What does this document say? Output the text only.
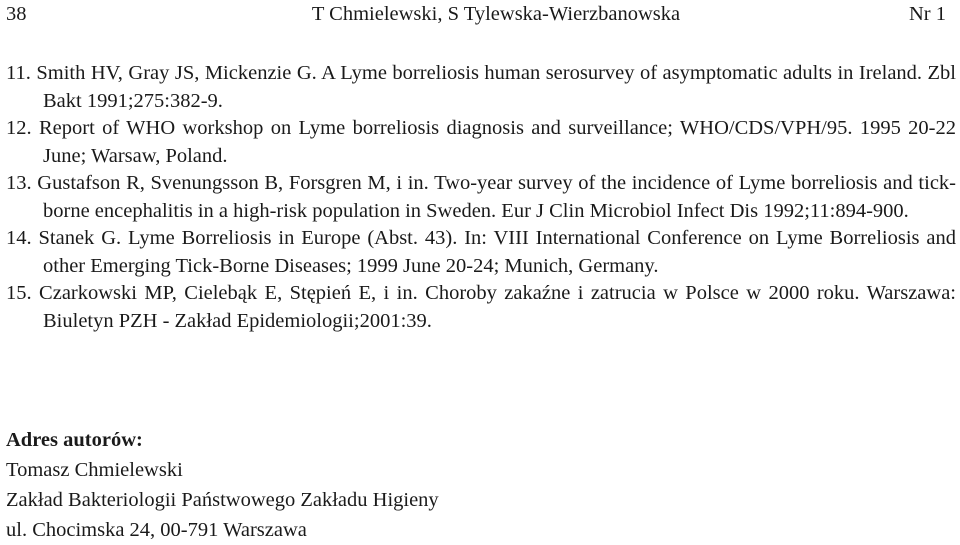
38	T Chmielewski, S Tylewska-Wierzbanowska	Nr 1
11. Smith HV, Gray JS, Mickenzie G. A Lyme borreliosis human serosurvey of asymptomatic adults in Ireland. Zbl Bakt 1991;275:382-9.
12. Report of WHO workshop on Lyme borreliosis diagnosis and surveillance; WHO/CDS/VPH/95. 1995 20-22 June; Warsaw, Poland.
13. Gustafson R, Svenungsson B, Forsgren M, i in. Two-year survey of the incidence of Lyme borreliosis and tick-borne encephalitis in a high-risk population in Sweden. Eur J Clin Microbiol Infect Dis 1992;11:894-900.
14. Stanek G. Lyme Borreliosis in Europe (Abst. 43). In: VIII International Conference on Lyme Borreliosis and other Emerging Tick-Borne Diseases; 1999 June 20-24; Munich, Germany.
15. Czarkowski MP, Cielebąk E, Stępień E, i in. Choroby zakaźne i zatrucia w Polsce w 2000 roku. Warszawa: Biuletyn PZH - Zakład Epidemiologii;2001:39.
Adres autorów:
Tomasz Chmielewski
Zakład Bakteriologii Państwowego Zakładu Higieny
ul. Chocimska 24, 00-791 Warszawa
